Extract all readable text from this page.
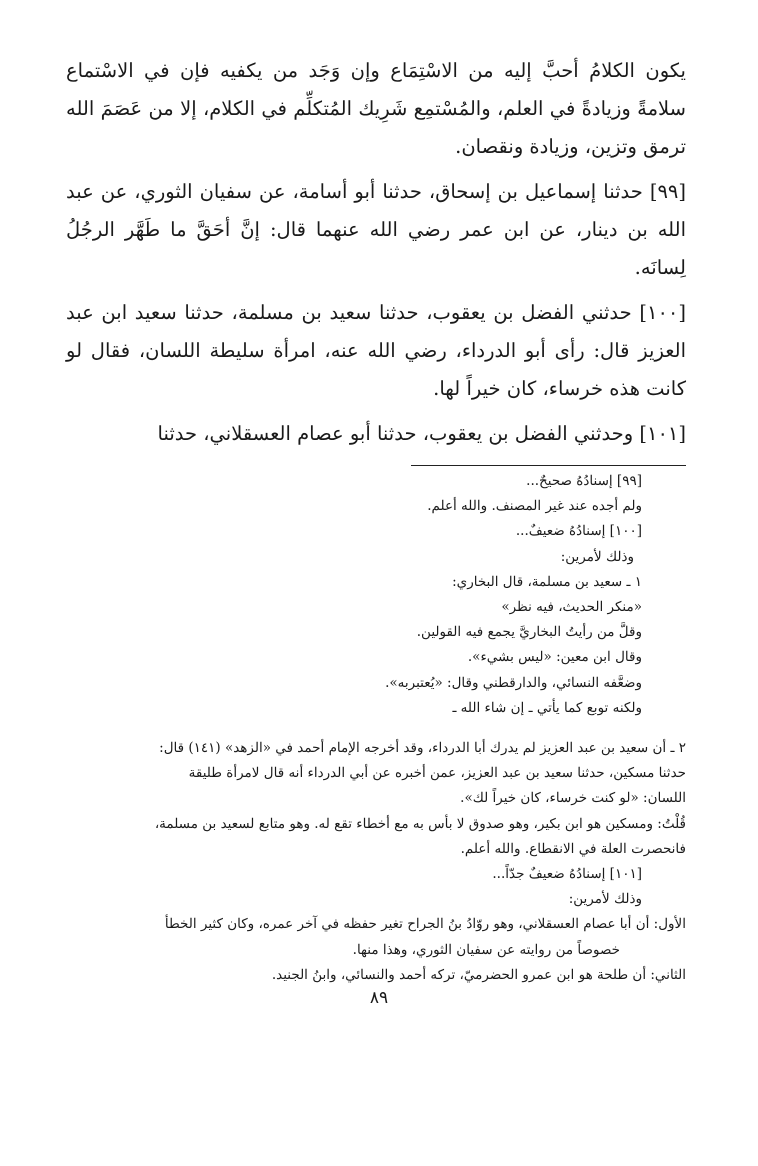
يكون الكلامُ أحبَّ إليه من الاسْتِمَاع وإن وَجَد من يكفيه فإن في الاسْتماع سلامةً وزيادةً في العلم، والمُسْتمِع شَرِيك المُتكلِّم في الكلام، إلا من عَصَمَ الله ترمق وتزين، وزيادة ونقصان.

[٩٩] حدثنا إسماعيل بن إسحاق، حدثنا أبو أسامة، عن سفيان الثوري، عن عبد الله بن دينار، عن ابن عمر رضي الله عنهما قال: إنَّ أحَقَّ ما طَهَّر الرجُلُ لِسانَه.

[١٠٠] حدثني الفضل بن يعقوب، حدثنا سعيد بن مسلمة، حدثنا سعيد ابن عبد العزيز قال: رأى أبو الدرداء، رضي الله عنه، امرأة سليطة اللسان، فقال لو كانت هذه خرساء، كان خيراً لها.

[١٠١] وحدثني الفضل بن يعقوب، حدثنا أبو عصام العسقلاني، حدثنا

[٩٩] إسنادُهُ صحيحٌ...
ولم أجده عند غير المصنف. والله أعلم.
[١٠٠] إسنادُهُ ضعيفٌ...
وذلك لأمرين:
١ ـ سعيد بن مسلمة، قال البخاري:
«منكر الحديث، فيه نظر»
وقلَّ من رأيتُ البخاريَّ يجمع فيه القولين.
وقال ابن معين: «ليس بشيء».
وضعَّفه النسائي، والدارقطني وقال: «يُعتبربه».
ولكنه توبع كما يأتي ـ إن شاء الله ـ
٢ ـ أن سعيد بن عبد العزيز لم يدرك أبا الدرداء، وقد أخرجه الإمام أحمد في «الزهد» (١٤١) قال:
حدثنا مسكين، حدثنا سعيد بن عبد العزيز، عمن أخبره عن أبي الدرداء أنه قال لامرأة طليقة
اللسان: «لو كنت خرساء، كان خيراً لك».
قُلْتُ: ومسكين هو ابن بكير، وهو صدوق لا بأس به مع أخطاء تقع له. وهو متابع لسعيد بن مسلمة،
فانحصرت العلة في الانقطاع. والله أعلم.
[١٠١] إسنادُهُ ضعيفٌ جدّاً...
وذلك لأمرين:
الأول: أن أبا عصام العسقلاني، وهو روّادُ بنُ الجراح تغير حفظه في آخر عمره، وكان كثير الخطأ
خصوصاً من روايته عن سفيان الثوري، وهذا منها.
الثاني: أن طلحة هو ابن عمرو الحضرميّ، تركه أحمد والنسائي، وابنُ الجنيد.
٨٩
